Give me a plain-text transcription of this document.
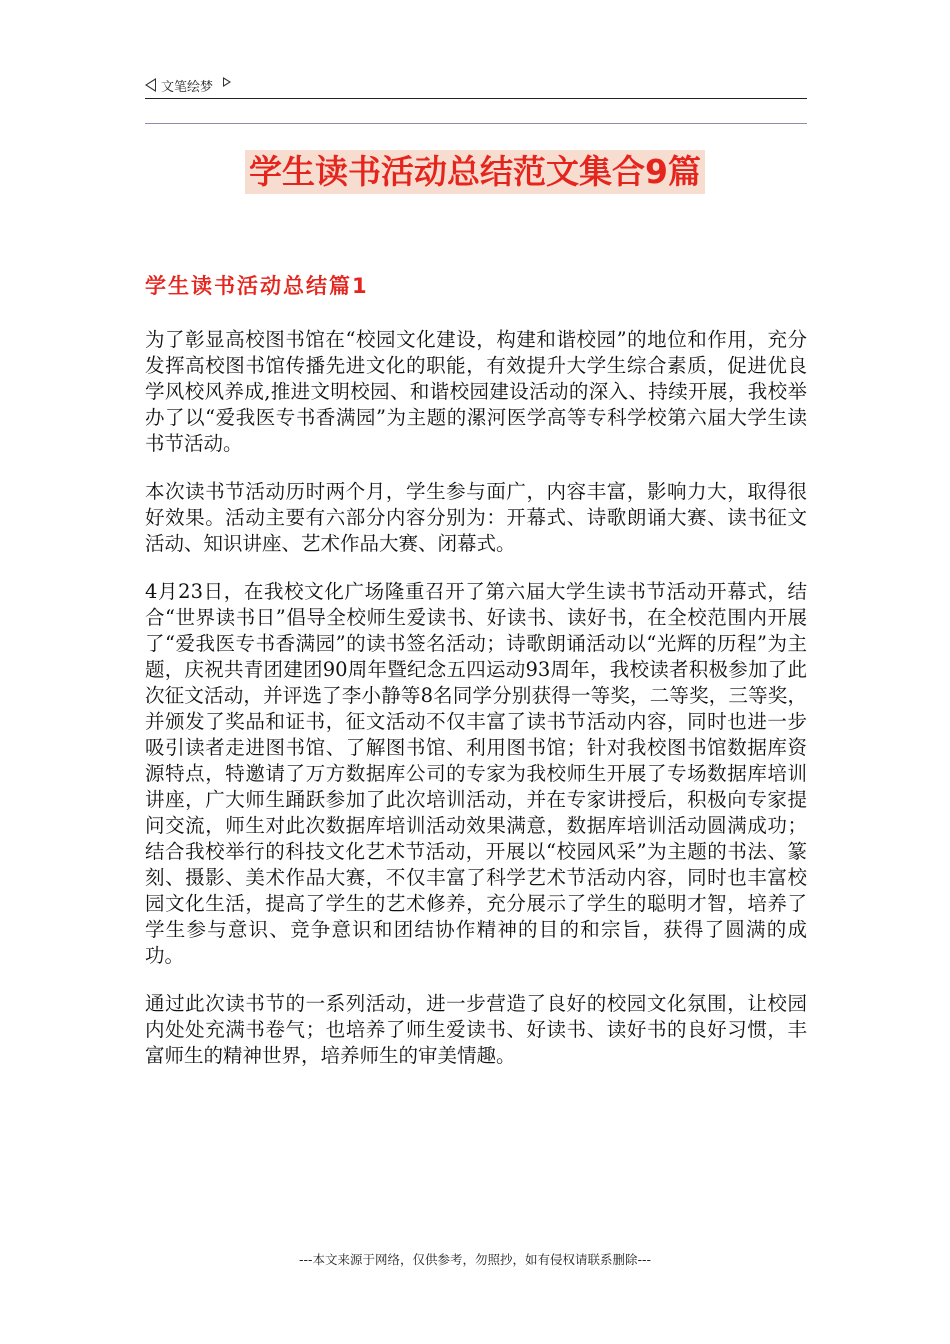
文笔绘梦
学生读书活动总结范文集合9篇
学生读书活动总结篇1

为了彰显高校图书馆在“校园文化建设，构建和谐校园”的地位和作用，充分发挥高校图书馆传播先进文化的职能，有效提升大学生综合素质，促进优良学风校风养成,推进文明校园、和谐校园建设活动的深入、持续开展，我校举办了以“爱我医专书香满园”为主题的漯河医学高等专科学校第六届大学生读书节活动。

本次读书节活动历时两个月，学生参与面广，内容丰富，影响力大，取得很好效果。活动主要有六部分内容分别为：开幕式、诗歌朗诵大赛、读书征文活动、知识讲座、艺术作品大赛、闭幕式。

4月23日，在我校文化广场隆重召开了第六届大学生读书节活动开幕式，结合“世界读书日”倡导全校师生爱读书、好读书、读好书，在全校范围内开展了“爱我医专书香满园”的读书签名活动；诗歌朗诵活动以“光辉的历程”为主题，庆祝共青团建团90周年暨纪念五四运动93周年，我校读者积极参加了此次征文活动，并评选了李小静等8名同学分别获得一等奖，二等奖，三等奖，并颁发了奖品和证书，征文活动不仅丰富了读书节活动内容，同时也进一步吸引读者走进图书馆、了解图书馆、利用图书馆；针对我校图书馆数据库资源特点，特邀请了万方数据库公司的专家为我校师生开展了专场数据库培训讲座，广大师生踊跃参加了此次培训活动，并在专家讲授后，积极向专家提问交流，师生对此次数据库培训活动效果满意，数据库培训活动圆满成功；结合我校举行的科技文化艺术节活动，开展以“校园风采”为主题的书法、篆刻、摄影、美术作品大赛，不仅丰富了科学艺术节活动内容，同时也丰富校园文化生活，提高了学生的艺术修养，充分展示了学生的聪明才智，培养了学生参与意识、竞争意识和团结协作精神的目的和宗旨，获得了圆满的成功。

通过此次读书节的一系列活动，进一步营造了良好的校园文化氛围，让校园内处处充满书卷气；也培养了师生爱读书、好读书、读好书的良好习惯，丰富师生的精神世界，培养师生的审美情趣。

---本文来源于网络，仅供参考，勿照抄，如有侵权请联系删除---
